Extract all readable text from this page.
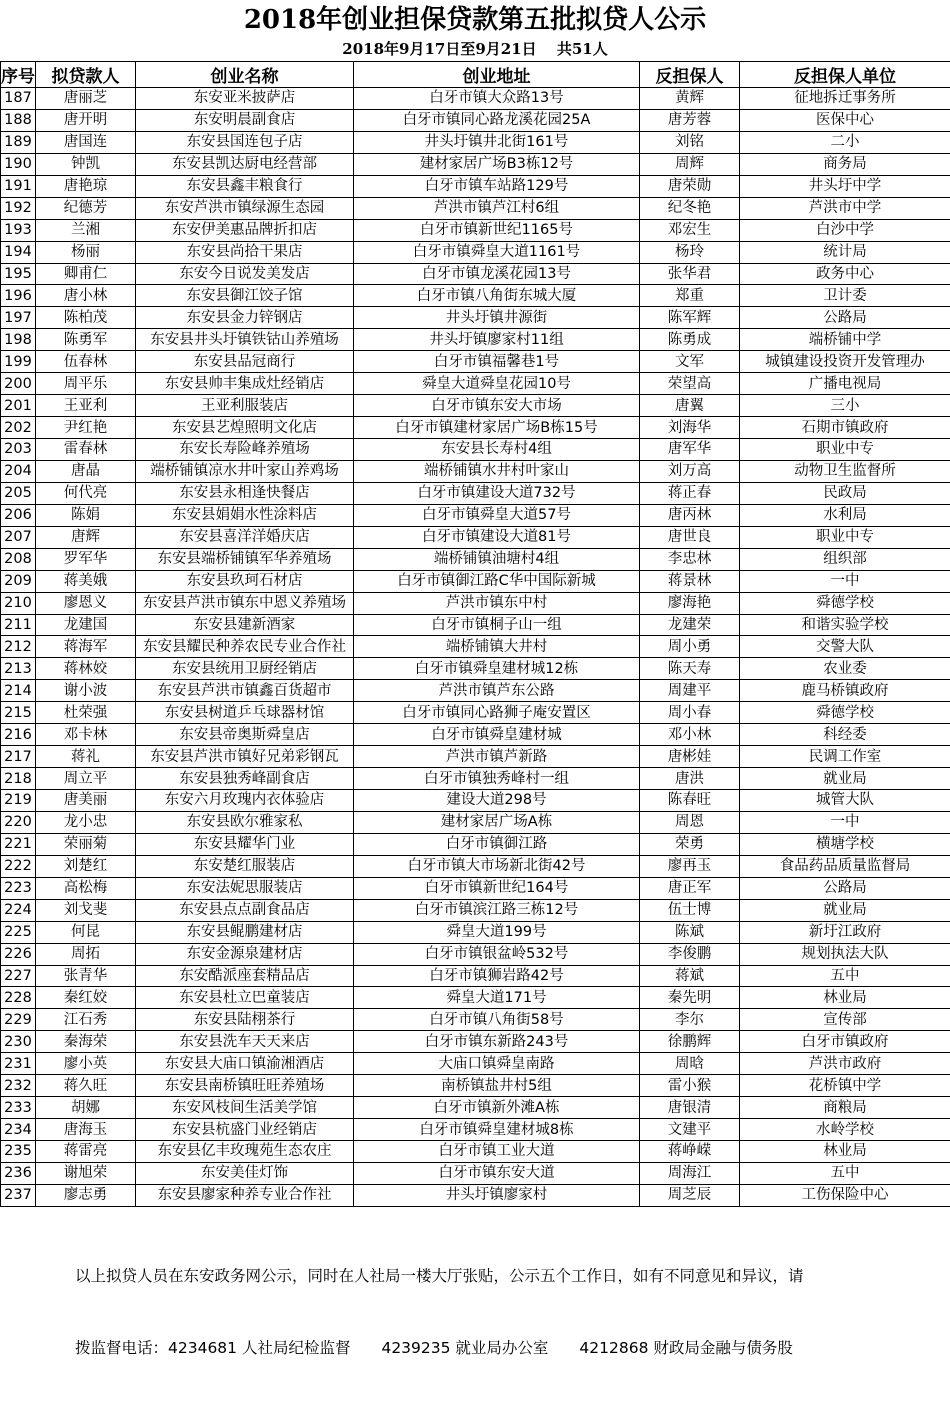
2018年创业担保贷款第五批拟贷人公示
2018年9月17日至9月21日　 共51人
序号	拟贷款人	创业名称	创业地址	反担保人	反担保人单位
187	唐丽芝	东安亚米披萨店	白牙市镇大众路13号	黄辉	征地拆迁事务所
188	唐开明	东安明晨副食店	白牙市镇同心路龙溪花园25A	唐芳蓉	医保中心
189	唐国连	东安县国连包子店	井头圩镇井北街161号	刘铭	二小
190	钟凯	东安县凯达厨电经营部	建材家居广场B3栋12号	周辉	商务局
191	唐艳琼	东安县鑫丰粮食行	白牙市镇车站路129号	唐荣勋	井头圩中学
192	纪德芳	东安芦洪市镇绿源生态园	芦洪市镇芦江村6组	纪冬艳	芦洪市中学
193	兰湘	东安伊美惠品牌折扣店	白牙市镇新世纪1165号	邓宏生	白沙中学
194	杨丽	东安县尚拾干果店	白牙市镇舜皇大道1161号	杨玲	统计局
195	卿甫仁	东安今日说发美发店	白牙市镇龙溪花园13号	张华君	政务中心
196	唐小林	东安县御江饺子馆	白牙市镇八角街东城大厦	郑重	卫计委
197	陈柏茂	东安县金力锌钢店	井头圩镇井源街	陈军辉	公路局
198	陈勇军	东安县井头圩镇铁钴山养殖场	井头圩镇廖家村11组	陈勇成	端桥铺中学
199	伍春林	东安县品冠商行	白牙市镇福馨巷1号	文军	城镇建设投资开发管理办
200	周平乐	东安县帅丰集成灶经销店	舜皇大道舜皇花园10号	荣望高	广播电视局
201	王亚利	王亚利服装店	白牙市镇东安大市场	唐翼	三小
202	尹红艳	东安县艺煌照明文化店	白牙市镇建材家居广场B栋15号	刘海华	石期市镇政府
203	雷春林	东安长寿险峰养殖场	东安县长寿村4组	唐军华	职业中专
204	唐晶	端桥铺镇凉水井叶家山养鸡场	端桥铺镇水井村叶家山	刘万高	动物卫生监督所
205	何代亮	东安县永相逢快餐店	白牙市镇建设大道732号	蒋正春	民政局
206	陈娟	东安县娟娟水性涂料店	白牙市镇舜皇大道57号	唐丙林	水利局
207	唐辉	东安县喜洋洋婚庆店	白牙市镇建设大道81号	唐世良	职业中专
208	罗军华	东安县端桥铺镇军华养殖场	端桥铺镇油塘村4组	李忠林	组织部
209	蒋美娥	东安县玖珂石材店	白牙市镇御江路C华中国际新城	蒋景林	一中
210	廖恩义	东安县芦洪市镇东中恩义养殖场	芦洪市镇东中村	廖海艳	舜德学校
211	龙建国	东安县建新酒家	白牙市镇桐子山一组	龙建荣	和谐实验学校
212	蒋海军	东安县耀民种养农民专业合作社	端桥铺镇大井村	周小勇	交警大队
213	蒋林姣	东安县统用卫厨经销店	白牙市镇舜皇建材城12栋	陈天寿	农业委
214	谢小波	东安县芦洪市镇鑫百货超市	芦洪市镇芦东公路	周建平	鹿马桥镇政府
215	杜荣强	东安县树道乒乓球器材馆	白牙市镇同心路狮子庵安置区	周小春	舜德学校
216	邓卡林	东安县帝奥斯舜皇店	白牙市镇舜皇建材城	邓小林	科经委
217	蒋礼	东安县芦洪市镇好兄弟彩钢瓦	芦洪市镇芦新路	唐彬娃	民调工作室
218	周立平	东安县独秀峰副食店	白牙市镇独秀峰村一组	唐洪	就业局
219	唐美丽	东安六月玫瑰内衣体验店	建设大道298号	陈春旺	城管大队
220	龙小忠	东安县欧尔雅家私	建材家居广场A栋	周恩	一中
221	荣丽菊	东安县耀华门业	白牙市镇御江路	荣勇	横塘学校
222	刘楚红	东安楚红服装店	白牙市镇大市场新北街42号	廖再玉	食品药品质量监督局
223	高松梅	东安法妮思服装店	白牙市镇新世纪164号	唐正军	公路局
224	刘戈斐	东安县点点副食品店	白牙市镇滨江路三栋12号	伍士博	就业局
225	何昆	东安县鲲鹏建材店	舜皇大道199号	陈斌	新圩江政府
226	周拓	东安金源泉建材店	白牙市镇银盆岭532号	李俊鹏	规划执法大队
227	张青华	东安酷派座套精品店	白牙市镇狮岩路42号	蒋斌	五中
228	秦红姣	东安县杜立巴童装店	舜皇大道171号	秦先明	林业局
229	江石秀	东安县陆栩茶行	白牙市镇八角街58号	李尔	宣传部
230	秦海荣	东安县洗车天天来店	白牙市镇东新路243号	徐鹏辉	白牙市镇政府
231	廖小英	东安县大庙口镇渝湘酒店	大庙口镇舜皇南路	周晗	芦洪市政府
232	蒋久旺	东安县南桥镇旺旺养殖场	南桥镇盐井村5组	雷小猴	花桥镇中学
233	胡娜	东安风枝间生活美学馆	白牙市镇新外滩A栋	唐银清	商粮局
234	唐海玉	东安县杭盛门业经销店	白牙市镇舜皇建材城8栋	文建平	水岭学校
235	蒋雷亮	东安县亿丰玫瑰苑生态农庄	白牙市镇工业大道	蒋峥嵘	林业局
236	谢旭荣	东安美佳灯饰	白牙市镇东安大道	周海江	五中
237	廖志勇	东安县廖家种养专业合作社	井头圩镇廖家村	周芝辰	工伤保险中心

以上拟贷人员在东安政务网公示，同时在人社局一楼大厅张贴，公示五个工作日，如有不同意见和异议，请

拨监督电话：4234681 人社局纪检监督　　4239235 就业局办公室　　4212868 财政局金融与债务股
